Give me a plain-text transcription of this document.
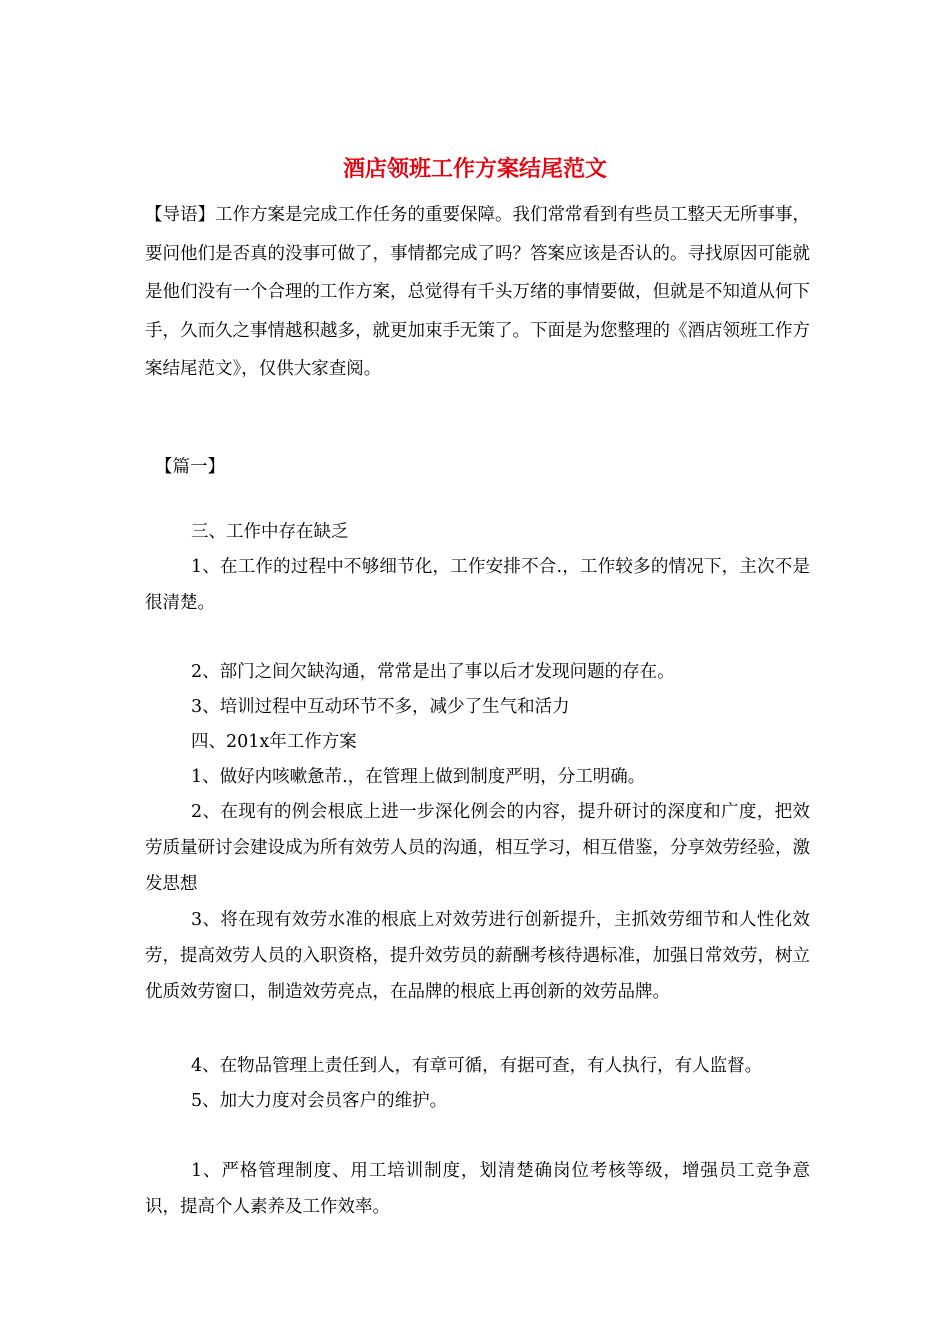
酒店领班工作方案结尾范文

【导语】工作方案是完成工作任务的重要保障。我们常常看到有些员工整天无所事事，要问他们是否真的没事可做了，事情都完成了吗？答案应该是否认的。寻找原因可能就是他们没有一个合理的工作方案，总觉得有千头万绪的事情要做，但就是不知道从何下手，久而久之事情越积越多，就更加束手无策了。下面是为您整理的《酒店领班工作方案结尾范文》，仅供大家查阅。

【篇一】

三、工作中存在缺乏

1、在工作的过程中不够细节化，工作安排不合.，工作较多的情况下，主次不是很清楚。

2、部门之间欠缺沟通，常常是出了事以后才发现问题的存在。

3、培训过程中互动环节不多，减少了生气和活力

四、201x年工作方案

1、做好内咳嗽惫芾.，在管理上做到制度严明，分工明确。

2、在现有的例会根底上进一步深化例会的内容，提升研讨的深度和广度，把效劳质量研讨会建设成为所有效劳人员的沟通，相互学习，相互借鉴，分享效劳经验，激发思想

3、将在现有效劳水准的根底上对效劳进行创新提升，主抓效劳细节和人性化效劳，提高效劳人员的入职资格，提升效劳员的薪酬考核待遇标准，加强日常效劳，树立优质效劳窗口，制造效劳亮点，在品牌的根底上再创新的效劳品牌。

4、在物品管理上责任到人，有章可循，有据可查，有人执行，有人监督。

5、加大力度对会员客户的维护。

1、严格管理制度、用工培训制度，划清楚确岗位考核等级，增强员工竞争意识，提高个人素养及工作效率。
